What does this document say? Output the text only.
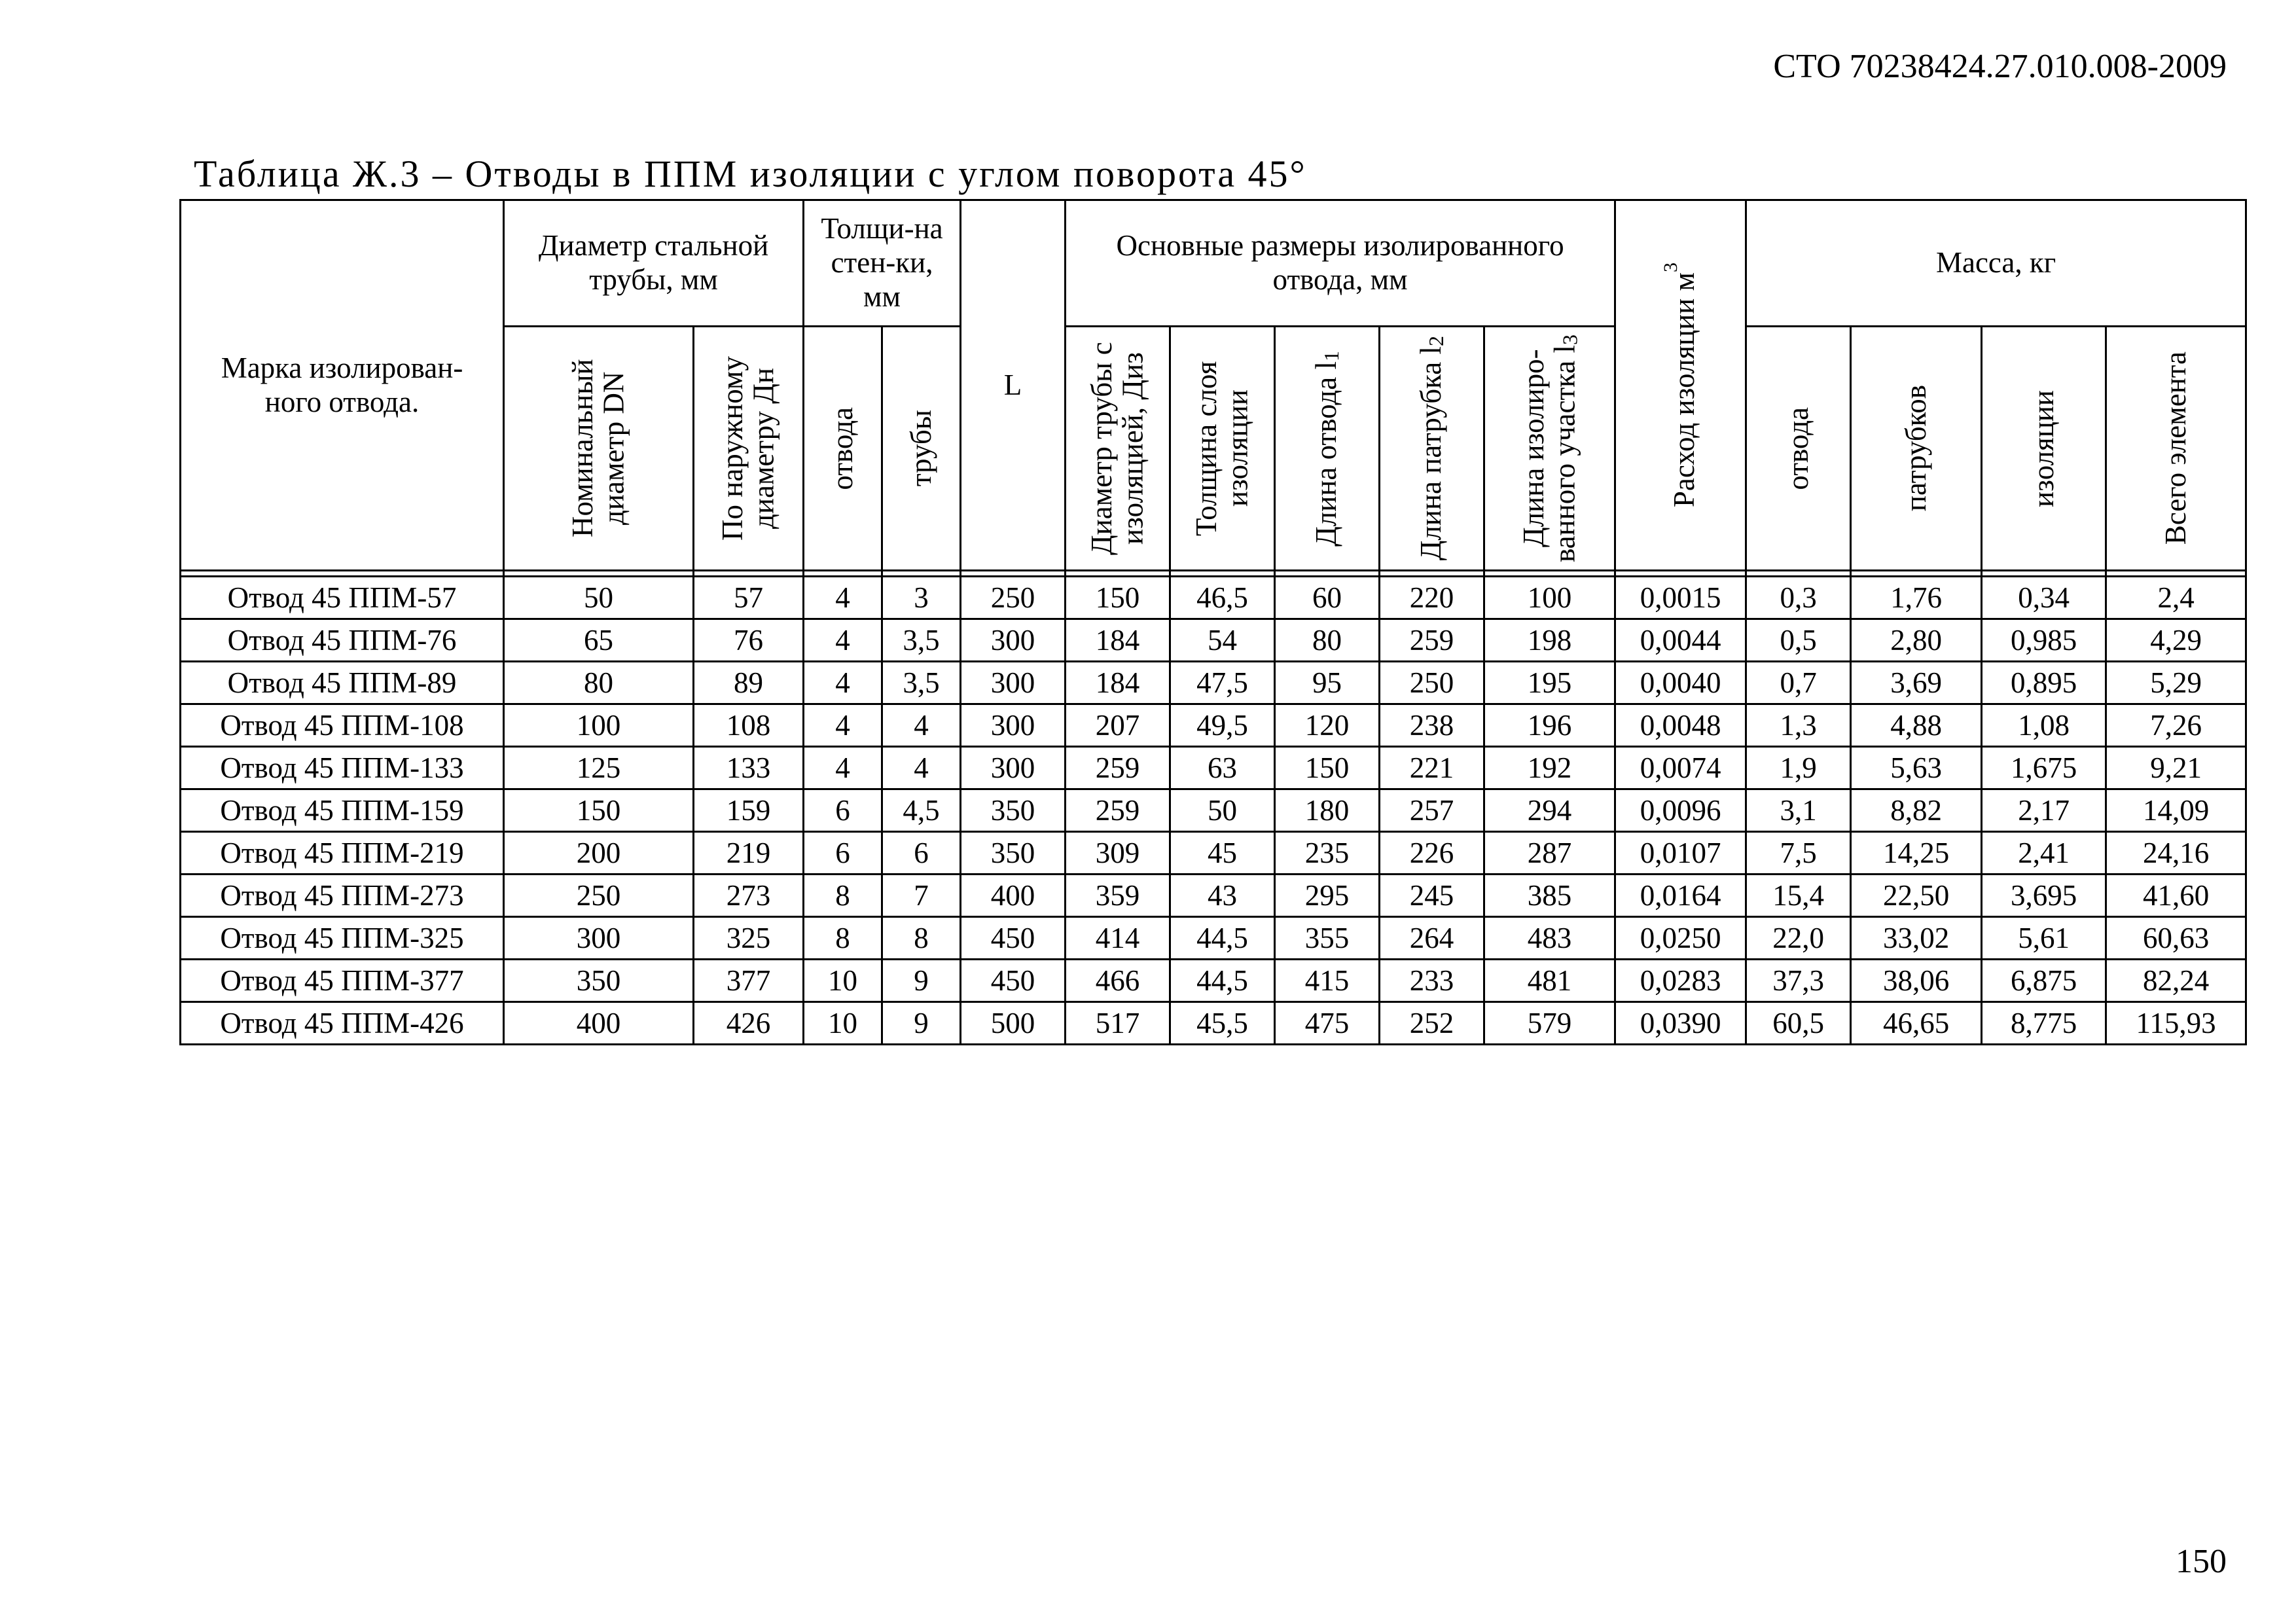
СТО 70238424.27.010.008-2009
Таблица Ж.3 – Отводы в ППМ изоляции с углом поворота 45°
Марка изолирован-ного отвода.	Диаметр стальной трубы, мм		Толщи-на стен-ки, мм		L	Основные размеры изолированного отвода, мм					Расход изоляции $м^3$	Масса, кг			

	Номинальный диаметр DN	По наружному диаметру Дн	отвода	трубы		Диаметр трубы с изоляцией, Диз	Толщина слоя изоляции	Длина отвода $l_1$	Длина патрубка $l_2$	Длина изолиро-ванного участка $l_3$		отвода	патрубков	изоляции	Всего элемента

Отвод 45 ППМ-57	50	57	4	3	250	150	46,5	60	220	100	0,0015	0,3	1,76	0,34	2,4
Отвод 45 ППМ-76	65	76	4	3,5	300	184	54	80	259	198	0,0044	0,5	2,80	0,985	4,29
Отвод 45 ППМ-89	80	89	4	3,5	300	184	47,5	95	250	195	0,0040	0,7	3,69	0,895	5,29
Отвод 45 ППМ-108	100	108	4	4	300	207	49,5	120	238	196	0,0048	1,3	4,88	1,08	7,26
Отвод 45 ППМ-133	125	133	4	4	300	259	63	150	221	192	0,0074	1,9	5,63	1,675	9,21
Отвод 45 ППМ-159	150	159	6	4,5	350	259	50	180	257	294	0,0096	3,1	8,82	2,17	14,09
Отвод 45 ППМ-219	200	219	6	6	350	309	45	235	226	287	0,0107	7,5	14,25	2,41	24,16
Отвод 45 ППМ-273	250	273	8	7	400	359	43	295	245	385	0,0164	15,4	22,50	3,695	41,60
Отвод 45 ППМ-325	300	325	8	8	450	414	44,5	355	264	483	0,0250	22,0	33,02	5,61	60,63
Отвод 45 ППМ-377	350	377	10	9	450	466	44,5	415	233	481	0,0283	37,3	38,06	6,875	82,24
Отвод 45 ППМ-426	400	426	10	9	500	517	45,5	475	252	579	0,0390	60,5	46,65	8,775	115,93
150
